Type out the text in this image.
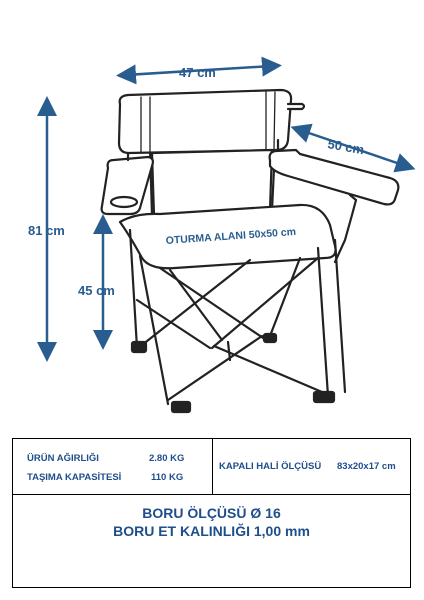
47 cm
50 cm
81 cm
45 cm
OTURMA ALANI 50x50 cm
ÜRÜN AĞIRLIĞI	2.80 KG
TAŞIMA KAPASİTESİ	110 KG
KAPALI HALİ ÖLÇÜSÜ 83x20x17 cm
BORU ÖLÇÜSÜ Ø 16
BORU ET KALINLIĞI 1,00 mm
